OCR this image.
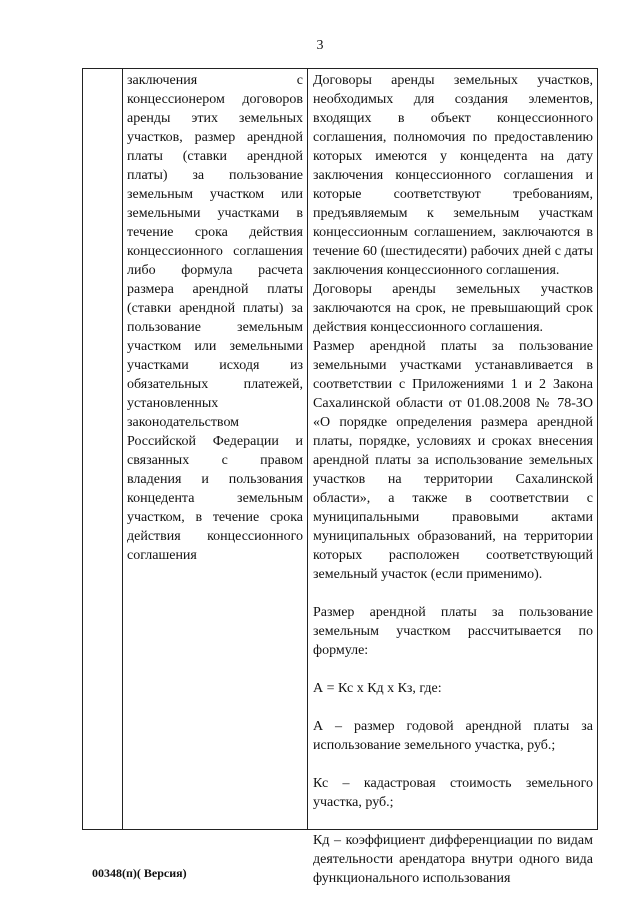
3
заключения с концессионером договоров аренды этих земельных участков, размер арендной платы (ставки арендной платы) за пользование земельным участком или земельными участками в течение срока действия концессионного соглашения либо формула расчета размера арендной платы (ставки арендной платы) за пользование земельным участком или земельными участками исходя из обязательных платежей, установленных законодательством Российской Федерации и связанных с правом владения и пользования концедента земельным участком, в течение срока действия концессионного соглашения

Договоры аренды земельных участков, необходимых для создания элементов, входящих в объект концессионного соглашения, полномочия по предоставлению которых имеются у концедента на дату заключения концессионного соглашения и которые соответствуют требованиям, предъявляемым к земельным участкам концессионным соглашением, заключаются в течение 60 (шестидесяти) рабочих дней с даты заключения концессионного соглашения.

Договоры аренды земельных участков заключаются на срок, не превышающий срок действия концессионного соглашения.

Размер арендной платы за пользование земельными участками устанавливается в соответствии с Приложениями 1 и 2 Закона Сахалинской области от 01.08.2008 № 78-ЗО «О порядке определения размера арендной платы, порядке, условиях и сроках внесения арендной платы за использование земельных участков на территории Сахалинской области», а также в соответствии с муниципальными правовыми актами муниципальных образований, на территории которых расположен соответствующий земельный участок (если применимо).

Размер арендной платы за пользование земельным участком рассчитывается по формуле:

А = Кс х Кд х Кз, где:

А – размер годовой арендной платы за использование земельного участка, руб.;

Кс – кадастровая стоимость земельного участка, руб.;

Кд – коэффициент дифференциации по видам деятельности арендатора внутри одного вида функционального использования

00348(п)( Версия)
